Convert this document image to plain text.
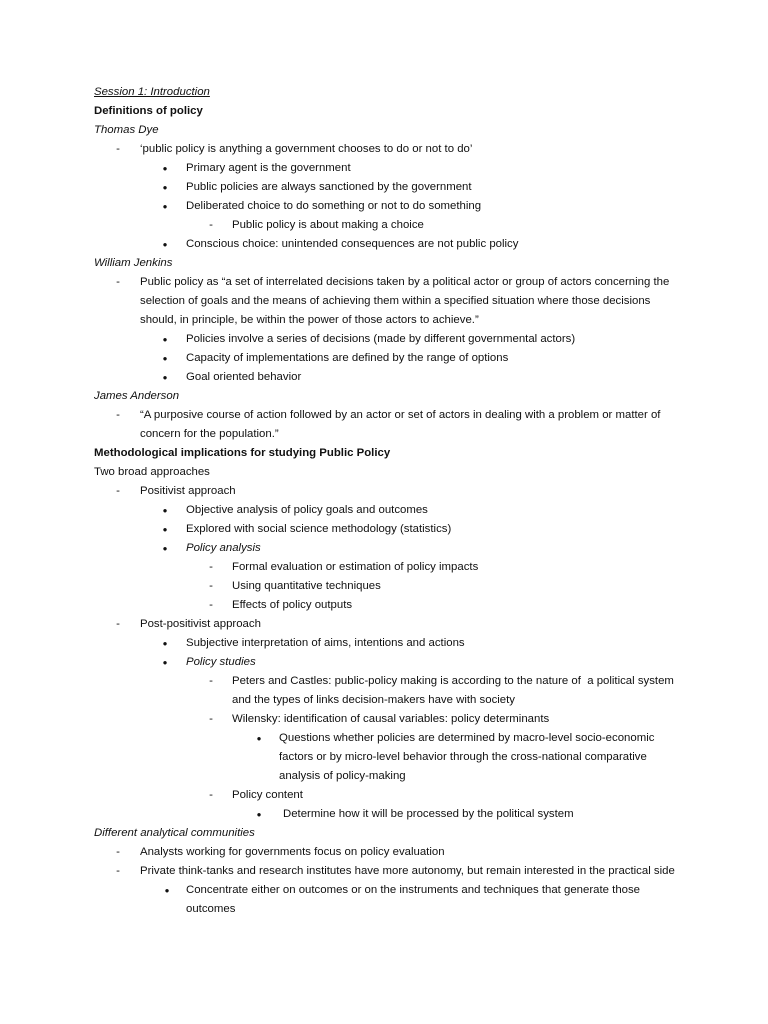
Session 1: Introduction
Definitions of policy
Thomas Dye
- ‘public policy is anything a government chooses to do or not to do’
● Primary agent is the government
● Public policies are always sanctioned by the government
● Deliberated choice to do something or not to do something
- Public policy is about making a choice
● Conscious choice: unintended consequences are not public policy
William Jenkins
- Public policy as “a set of interrelated decisions taken by a political actor or group of actors concerning the selection of goals and the means of achieving them within a specified situation where those decisions should, in principle, be within the power of those actors to achieve.”
● Policies involve a series of decisions (made by different governmental actors)
● Capacity of implementations are defined by the range of options
● Goal oriented behavior
James Anderson
- “A purposive course of action followed by an actor or set of actors in dealing with a problem or matter of concern for the population.”
Methodological implications for studying Public Policy
Two broad approaches
- Positivist approach
● Objective analysis of policy goals and outcomes
● Explored with social science methodology (statistics)
● Policy analysis
- Formal evaluation or estimation of policy impacts
- Using quantitative techniques
- Effects of policy outputs
- Post-positivist approach
● Subjective interpretation of aims, intentions and actions
● Policy studies
- Peters and Castles: public-policy making is according to the nature of  a political system and the types of links decision-makers have with society
- Wilensky: identification of causal variables: policy determinants
● Questions whether policies are determined by macro-level socio-economic factors or by micro-level behavior through the cross-national comparative analysis of policy-making
- Policy content
● Determine how it will be processed by the political system
Different analytical communities
- Analysts working for governments focus on policy evaluation
- Private think-tanks and research institutes have more autonomy, but remain interested in the practical side
● Concentrate either on outcomes or on the instruments and techniques that generate those outcomes
